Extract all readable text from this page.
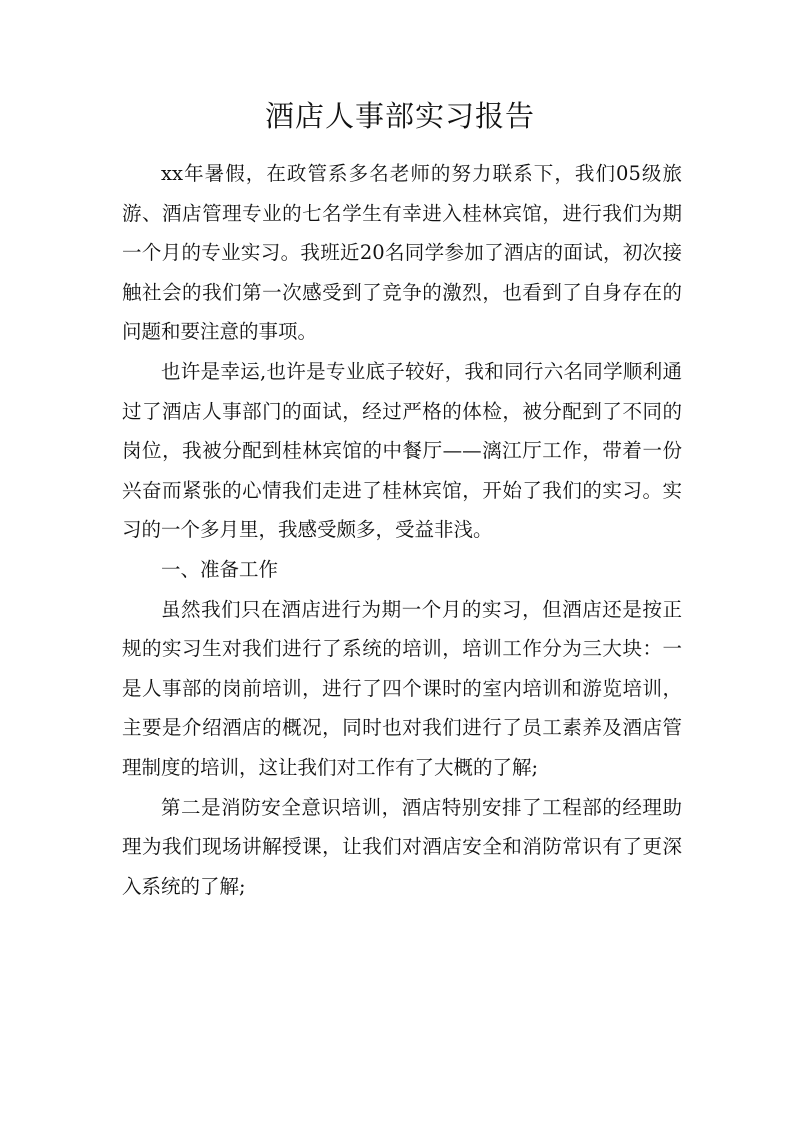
酒店人事部实习报告

xx年暑假，在政管系多名老师的努力联系下，我们05级旅游、酒店管理专业的七名学生有幸进入桂林宾馆，进行我们为期一个月的专业实习。我班近20名同学参加了酒店的面试，初次接触社会的我们第一次感受到了竞争的激烈，也看到了自身存在的问题和要注意的事项。

也许是幸运,也许是专业底子较好，我和同行六名同学顺利通过了酒店人事部门的面试，经过严格的体检，被分配到了不同的岗位，我被分配到桂林宾馆的中餐厅——漓江厅工作，带着一份兴奋而紧张的心情我们走进了桂林宾馆，开始了我们的实习。实习的一个多月里，我感受颇多，受益非浅。

一、准备工作

虽然我们只在酒店进行为期一个月的实习，但酒店还是按正规的实习生对我们进行了系统的培训，培训工作分为三大块：一是人事部的岗前培训，进行了四个课时的室内培训和游览培训，主要是介绍酒店的概况，同时也对我们进行了员工素养及酒店管理制度的培训，这让我们对工作有了大概的了解;

第二是消防安全意识培训，酒店特别安排了工程部的经理助理为我们现场讲解授课，让我们对酒店安全和消防常识有了更深入系统的了解;
